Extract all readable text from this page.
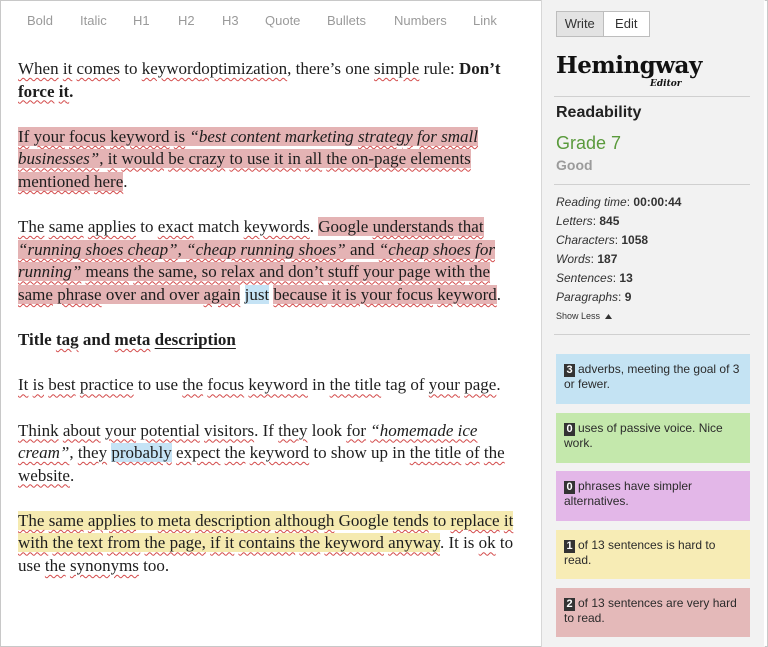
Bold Italic H1 H2 H3 Quote Bullets Numbers Link

When it comes to keywordoptimization, there’s one simple rule: Don’t force it.

If your focus keyword is “best content marketing strategy for small businesses”, it would be crazy to use it in all the on-page elements mentioned here.

The same applies to exact match keywords. Google understands that “running shoes cheap”, “cheap running shoes” and “cheap shoes for running” means the same, so relax and don’t stuff your page with the same phrase over and over again just because it is your focus keyword.

Title tag and meta description

It is best practice to use the focus keyword in the title tag of your page.

Think about your potential visitors. If they look for “homemade ice cream”, they probably expect the keyword to show up in the title of the website.

The same applies to meta description although Google tends to replace it with the text from the page, if it contains the keyword anyway. It is ok to use the synonyms too.

Write	Edit
Hemingway
Editor
Readability
Grade 7
Good
Reading time: 00:00:44
Letters: 845
Characters: 1058
Words: 187
Sentences: 13
Paragraphs: 9
Show Less
3 adverbs, meeting the goal of 3 or fewer.
0 uses of passive voice. Nice work.
0 phrases have simpler alternatives.
1 of 13 sentences is hard to read.
2 of 13 sentences are very hard to read.
